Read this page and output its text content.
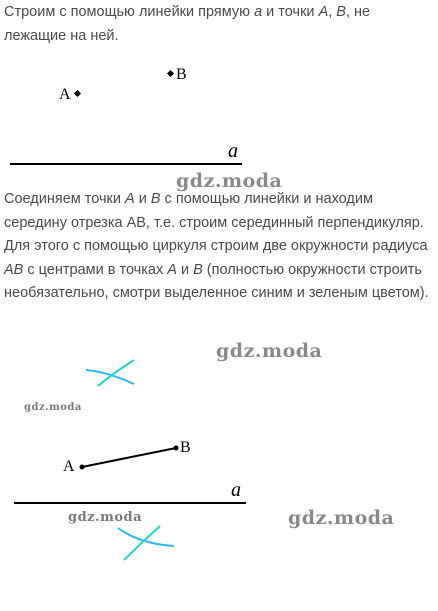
Строим с помощью линейки прямую a и точки A, B, не лежащие на ней.

A
B
a
gdz.moda

Соединяем точки A и B с помощью линейки и находим середину отрезка АВ, т.е. строим серединный перпендикуляр. Для этого с помощью циркуля строим две окружности радиуса AB с центрами в точках A и B (полностью окружности строить необязательно, смотри выделенное синим и зеленым цветом).

gdz.moda
gdz.moda
A
B
a
gdz.moda	gdz.moda
